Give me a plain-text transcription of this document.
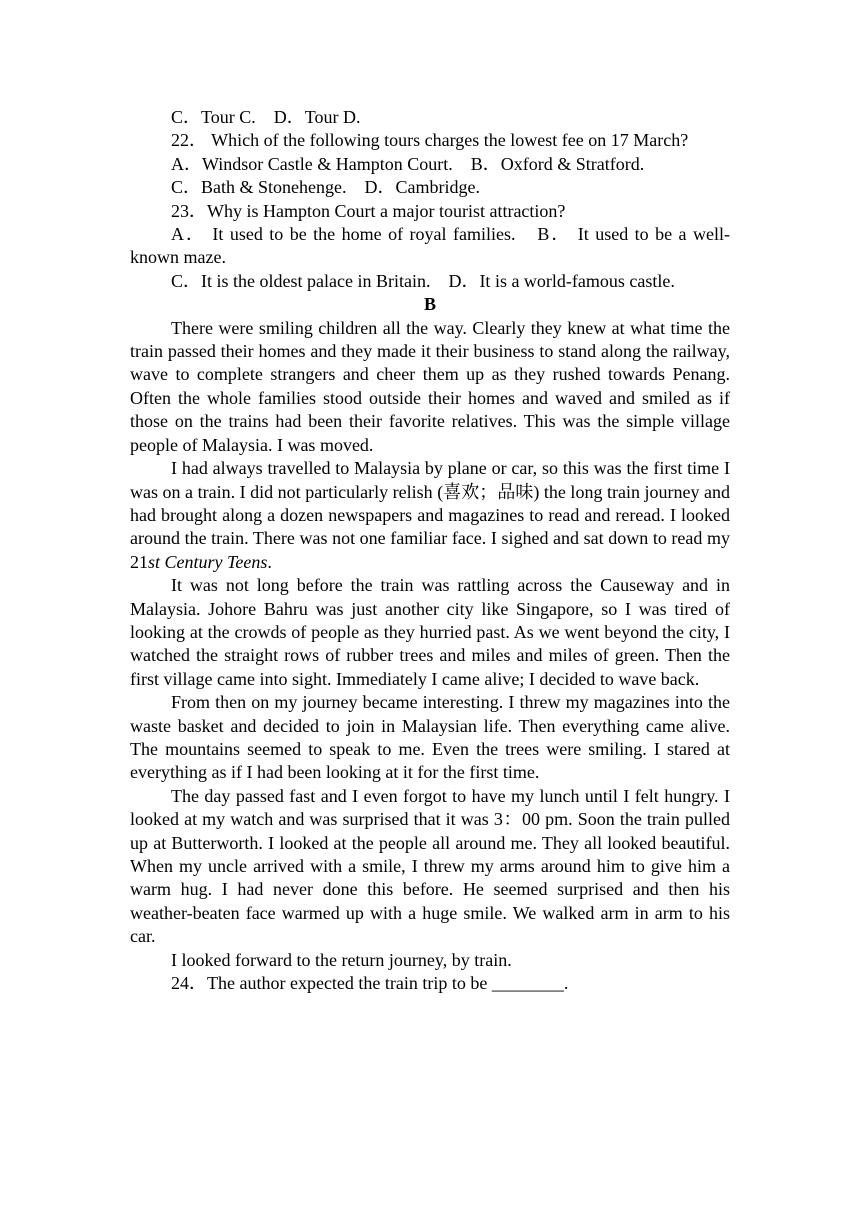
C．Tour C.　D．Tour D.

22． Which of the following tours charges the lowest fee on 17 March?

A．Windsor Castle & Hampton Court.　B．Oxford & Stratford.

C．Bath & Stonehenge.　D．Cambridge.

23．Why is Hampton Court a major tourist attraction?

A． It used to be the home of royal families.　B． It used to be a well-known maze.

C．It is the oldest palace in Britain.　D．It is a world-famous castle.

B

There were smiling children all the way. Clearly they knew at what time the train passed their homes and they made it their business to stand along the railway, wave to complete strangers and cheer them up as they rushed towards Penang. Often the whole families stood outside their homes and waved and smiled as if those on the trains had been their favorite relatives. This was the simple village people of Malaysia. I was moved.

I had always travelled to Malaysia by plane or car, so this was the first time I was on a train. I did not particularly relish (喜欢；品味) the long train journey and had brought along a dozen newspapers and magazines to read and reread. I looked around the train. There was not one familiar face. I sighed and sat down to read my 21st Century Teens.

It was not long before the train was rattling across the Causeway and in Malaysia. Johore Bahru was just another city like Singapore, so I was tired of looking at the crowds of people as they hurried past. As we went beyond the city, I watched the straight rows of rubber trees and miles and miles of green. Then the first village came into sight. Immediately I came alive; I decided to wave back.

From then on my journey became interesting. I threw my magazines into the waste basket and decided to join in Malaysian life. Then everything came alive. The mountains seemed to speak to me. Even the trees were smiling. I stared at everything as if I had been looking at it for the first time.

The day passed fast and I even forgot to have my lunch until I felt hungry. I looked at my watch and was surprised that it was 3：00 pm. Soon the train pulled up at Butterworth. I looked at the people all around me. They all looked beautiful. When my uncle arrived with a smile, I threw my arms around him to give him a warm hug. I had never done this before. He seemed surprised and then his weather-beaten face warmed up with a huge smile. We walked arm in arm to his car.

I looked forward to the return journey, by train.

24．The author expected the train trip to be ________.
